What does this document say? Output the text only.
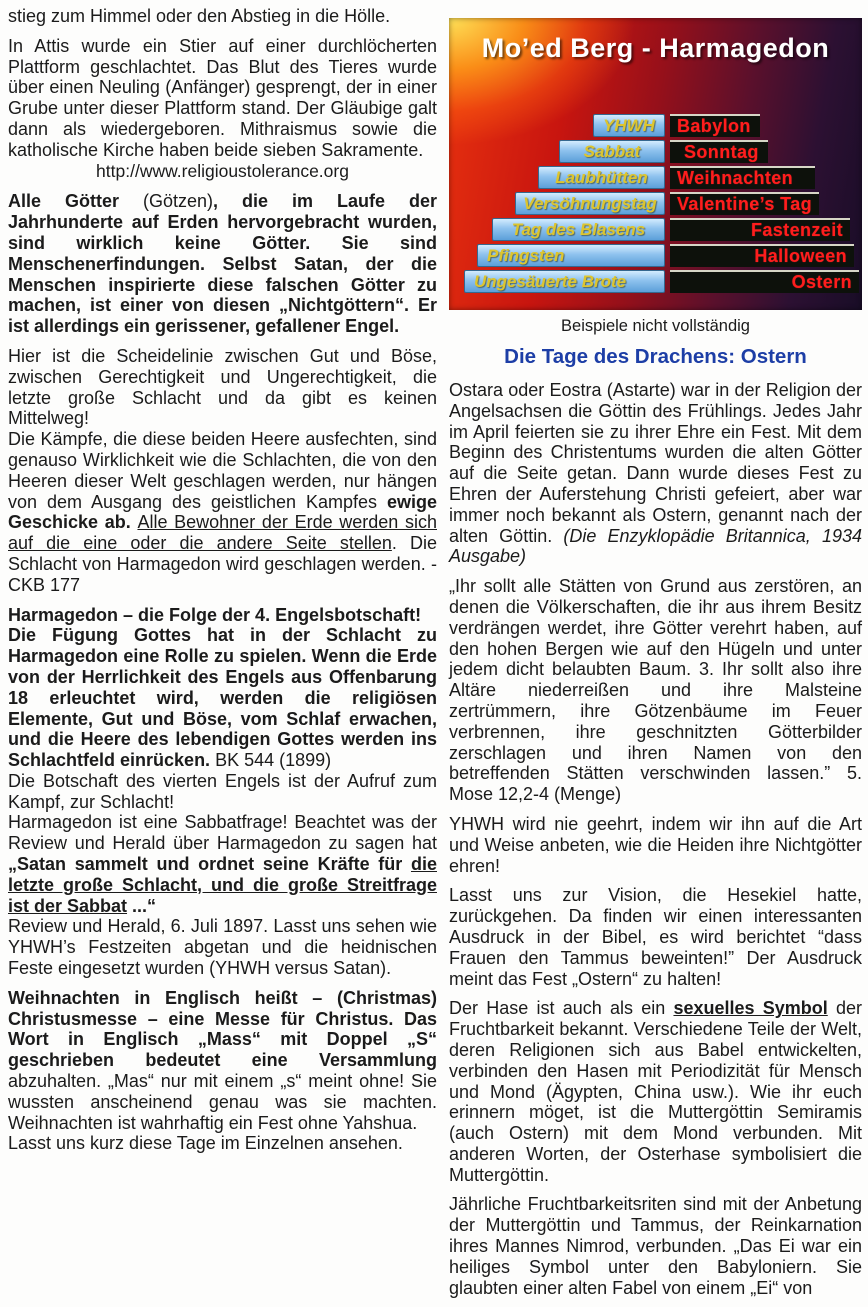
stieg zum Himmel oder den Abstieg in die Hölle.

In Attis wurde ein Stier auf einer durchlöcherten Plattform geschlachtet. Das Blut des Tieres wurde über einen Neuling (Anfänger) gesprengt, der in einer Grube unter dieser Plattform stand. Der Gläubige galt dann als wiedergeboren. Mithraismus sowie die katholische Kirche haben beide sieben Sakramente.

http://www.religioustolerance.org

Alle Götter (Götzen), die im Laufe der Jahrhunderte auf Erden hervorgebracht wurden, sind wirklich keine Götter. Sie sind Menschenerfindungen. Selbst Satan, der die Menschen inspirierte diese falschen Götter zu machen, ist einer von diesen „Nichtgöttern“. Er ist allerdings ein gerissener, gefallener Engel.

Hier ist die Scheidelinie zwischen Gut und Böse, zwischen Gerechtigkeit und Ungerechtigkeit, die letzte große Schlacht und da gibt es keinen Mittelweg!

Die Kämpfe, die diese beiden Heere ausfechten, sind genauso Wirklichkeit wie die Schlachten, die von den Heeren dieser Welt geschlagen werden, nur hängen von dem Ausgang des geistlichen Kampfes ewige Geschicke ab. Alle Bewohner der Erde werden sich auf die eine oder die andere Seite stellen. Die Schlacht von Harmagedon wird geschlagen werden. - CKB 177

Harmagedon – die Folge der 4. Engelsbotschaft!

Die Fügung Gottes hat in der Schlacht zu Harmagedon eine Rolle zu spielen. Wenn die Erde von der Herrlichkeit des Engels aus Offenbarung 18 erleuchtet wird, werden die religiösen Elemente, Gut und Böse, vom Schlaf erwachen, und die Heere des lebendigen Gottes werden ins Schlachtfeld einrücken. BK 544 (1899)

Die Botschaft des vierten Engels ist der Aufruf zum Kampf, zur Schlacht!

Harmagedon ist eine Sabbatfrage! Beachtet was der Review und Herald über Harmagedon zu sagen hat „Satan sammelt und ordnet seine Kräfte für die letzte große Schlacht, und die große Streitfrage ist der Sabbat ...“

Review und Herald, 6. Juli 1897. Lasst uns sehen wie YHWH’s Festzeiten abgetan und die heidnischen Feste eingesetzt wurden (YHWH versus Satan).

Weihnachten in Englisch heißt – (Christmas) Christusmesse – eine Messe für Christus. Das Wort in Englisch „Mass“ mit Doppel „S“ geschrieben bedeutet eine Versammlung abzuhalten. „Mas“ nur mit einem „s“ meint ohne! Sie wussten anscheinend genau was sie machten. Weihnachten ist wahrhaftig ein Fest ohne Yahshua.

Lasst uns kurz diese Tage im Einzelnen ansehen.

Mo’ed Berg - Harmagedon
YHWH	Babylon
Sabbat	Sonntag
Laubhütten	Weihnachten
Versöhnungstag	Valentine’s Tag
Tag des Blasens	Fastenzeit
Pfingsten	Halloween
Ungesäuerte Brote	Ostern
Beispiele nicht vollständig
Die Tage des Drachens: Ostern

Ostara oder Eostra (Astarte) war in der Religion der Angelsachsen die Göttin des Frühlings. Jedes Jahr im April feierten sie zu ihrer Ehre ein Fest. Mit dem Beginn des Christentums wurden die alten Götter auf die Seite getan. Dann wurde dieses Fest zu Ehren der Auferstehung Christi gefeiert, aber war immer noch bekannt als Ostern, genannt nach der alten Göttin. (Die Enzyklopädie Britannica, 1934 Ausgabe)

„Ihr sollt alle Stätten von Grund aus zerstören, an denen die Völkerschaften, die ihr aus ihrem Besitz verdrängen werdet, ihre Götter verehrt haben, auf den hohen Bergen wie auf den Hügeln und unter jedem dicht belaubten Baum. 3. Ihr sollt also ihre Altäre niederreißen und ihre Malsteine zertrümmern, ihre Götzenbäume im Feuer verbrennen, ihre geschnitzten Götterbilder zerschlagen und ihren Namen von den betreffenden Stätten verschwinden lassen.” 5. Mose 12,2-4 (Menge)

YHWH wird nie geehrt, indem wir ihn auf die Art und Weise anbeten, wie die Heiden ihre Nichtgötter ehren!

Lasst uns zur Vision, die Hesekiel hatte, zurückgehen. Da finden wir einen interessanten Ausdruck in der Bibel, es wird berichtet “dass Frauen den Tammus beweinten!” Der Ausdruck meint das Fest „Ostern“ zu halten!

Der Hase ist auch als ein sexuelles Symbol der Fruchtbarkeit bekannt. Verschiedene Teile der Welt, deren Religionen sich aus Babel entwickelten, verbinden den Hasen mit Periodizität für Mensch und Mond (Ägypten, China usw.). Wie ihr euch erinnern möget, ist die Muttergöttin Semiramis (auch Ostern) mit dem Mond verbunden. Mit anderen Worten, der Osterhase symbolisiert die Muttergöttin.

Jährliche Fruchtbarkeitsriten sind mit der Anbetung der Muttergöttin und Tammus, der Reinkarnation ihres Mannes Nimrod, verbunden. „Das Ei war ein heiliges Symbol unter den Babyloniern. Sie glaubten einer alten Fabel von einem „Ei“ von
